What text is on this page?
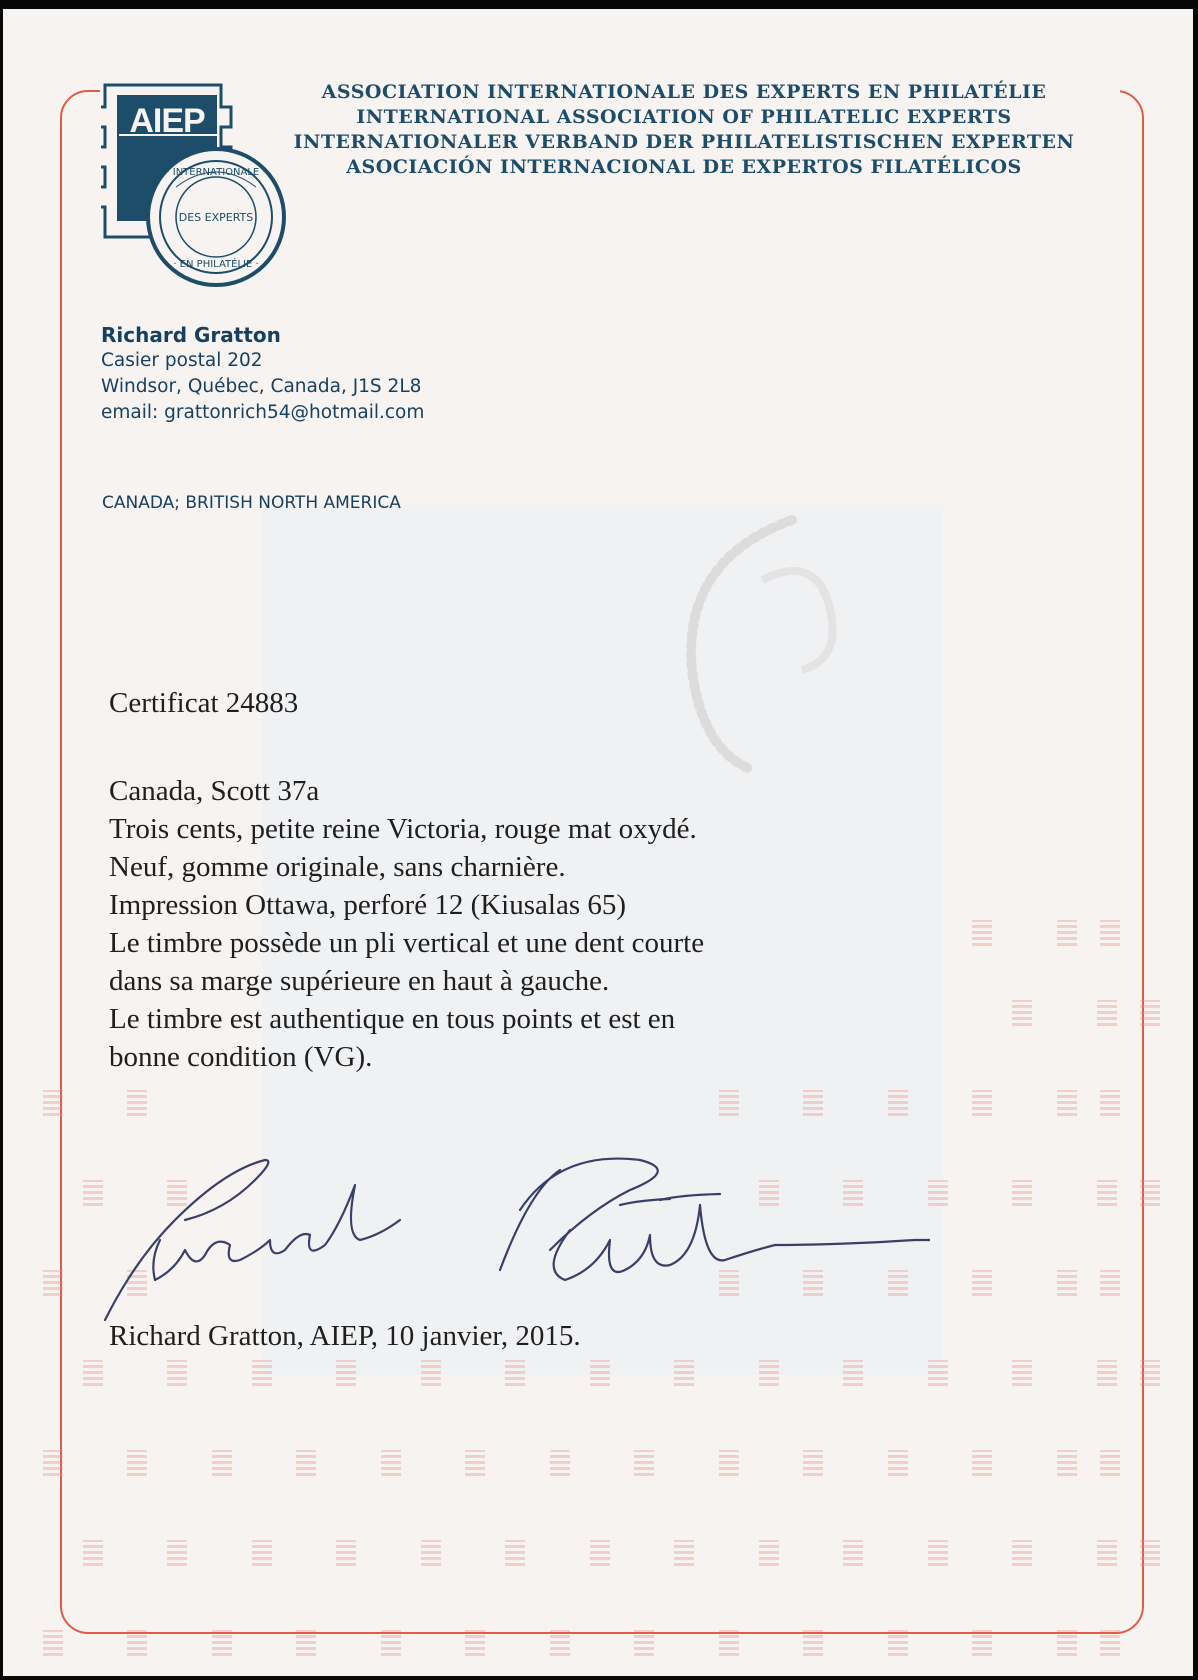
AIEP
DES EXPERTS
· INTERNATIONALE ·
· EN PHILATÉLIE ·
ASSOCIATION INTERNATIONALE DES EXPERTS EN PHILATÉLIE
INTERNATIONAL ASSOCIATION OF PHILATELIC EXPERTS
INTERNATIONALER VERBAND DER PHILATELISTISCHEN EXPERTEN
ASOCIACIÓN INTERNACIONAL DE EXPERTOS FILATÉLICOS
Richard Gratton
Casier postal 202
Windsor, Québec, Canada, J1S 2L8
email: grattonrich54@hotmail.com
CANADA; BRITISH NORTH AMERICA
Certificat 24883
Canada, Scott 37a
Trois cents, petite reine Victoria, rouge mat oxydé.
Neuf, gomme originale, sans charnière.
Impression Ottawa, perforé 12 (Kiusalas 65)
Le timbre possède un pli vertical et une dent courte
dans sa marge supérieure en haut à gauche.
Le timbre est authentique en tous points et est en
bonne condition (VG).
Richard Gratton, AIEP, 10 janvier, 2015.
